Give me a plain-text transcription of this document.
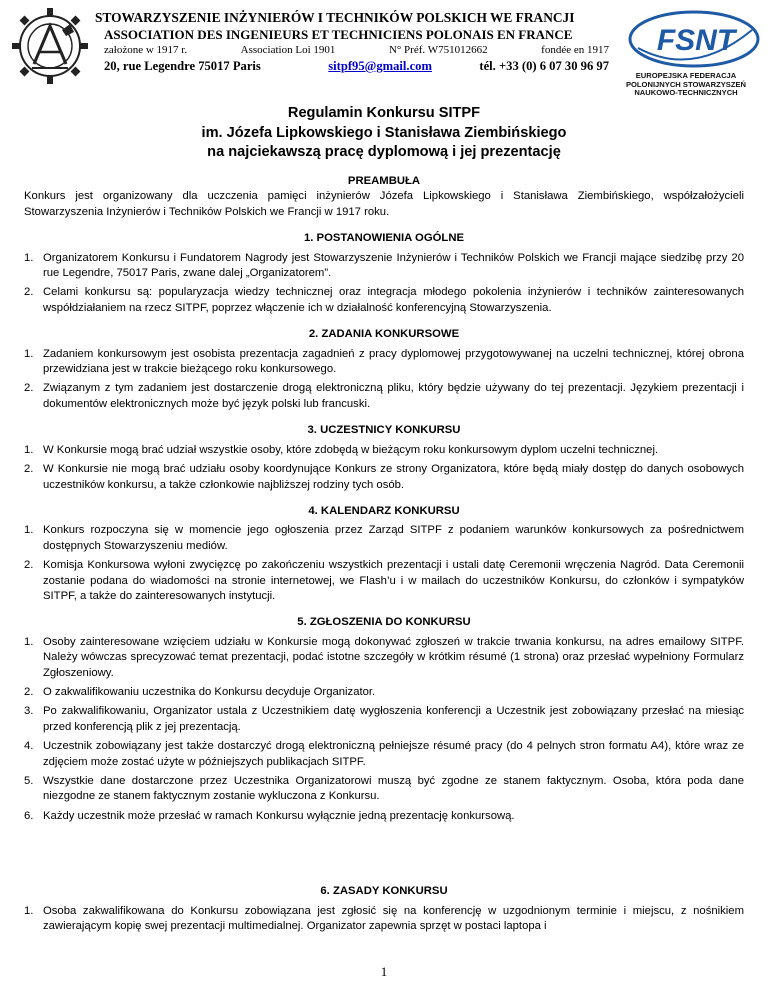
STOWARZYSZENIE INŻYNIERÓW I TECHNIKÓW POLSKICH WE FRANCJI
ASSOCIATION DES INGENIEURS ET TECHNICIENS POLONAIS EN FRANCE
założone w 1917 r.	Association Loi 1901	N° Préf. W751012662	fondée en 1917
20, rue Legendre 75017 Paris	sitpf95@gmail.com	tél. +33 (0) 6 07 30 96 97
FSNT
EUROPEJSKA FEDERACJA
POLONIJNYCH STOWARZYSZEŃ
NAUKOWO-TECHNICZNYCH
Regulamin Konkursu SITPF
im. Józefa Lipkowskiego i Stanisława Ziembińskiego
na najciekawszą pracę dyplomową i jej prezentację
PREAMBUŁA
Konkurs jest organizowany dla uczczenia pamięci inżynierów Józefa Lipkowskiego i Stanisława Ziembińskiego, współzałożycieli Stowarzyszenia Inżynierów i Techników Polskich we Francji w 1917 roku.
1. POSTANOWIENIA OGÓLNE
1. Organizatorem Konkursu i Fundatorem Nagrody jest Stowarzyszenie Inżynierów i Techników Polskich we Francji mające siedzibę przy 20 rue Legendre, 75017 Paris, zwane dalej „Organizatorem”.
2. Celami konkursu są: popularyzacja wiedzy technicznej oraz integracja młodego pokolenia inżynierów i techników zainteresowanych współdziałaniem na rzecz SITPF, poprzez włączenie ich w działalność konferencyjną Stowarzyszenia.
2. ZADANIA KONKURSOWE
1. Zadaniem konkursowym jest osobista prezentacja zagadnień z pracy dyplomowej przygotowywanej na uczelni technicznej, której obrona przewidziana jest w trakcie bieżącego roku konkursowego.
2. Związanym z tym zadaniem jest dostarczenie drogą elektroniczną pliku, który będzie używany do tej prezentacji. Językiem prezentacji i dokumentów elektronicznych może być język polski lub francuski.
3. UCZESTNICY KONKURSU
1. W Konkursie mogą brać udział wszystkie osoby, które zdobędą w bieżącym roku konkursowym dyplom uczelni technicznej.
2. W Konkursie nie mogą brać udziału osoby koordynujące Konkurs ze strony Organizatora, które będą miały dostęp do danych osobowych uczestników konkursu, a także członkowie najbliższej rodziny tych osób.
4. KALENDARZ KONKURSU
1. Konkurs rozpoczyna się w momencie jego ogłoszenia przez Zarząd SITPF z podaniem warunków konkursowych za pośrednictwem dostępnych Stowarzyszeniu mediów.
2. Komisja Konkursowa wyłoni zwycięzcę po zakończeniu wszystkich prezentacji i ustali datę Ceremonii wręczenia Nagród. Data Ceremonii zostanie podana do wiadomości na stronie internetowej, we Flash’u i w mailach do uczestników Konkursu, do członków i sympatyków SITPF, a także do zainteresowanych instytucji.
5. ZGŁOSZENIA DO KONKURSU
1. Osoby zainteresowane wzięciem udziału w Konkursie mogą dokonywać zgłoszeń w trakcie trwania konkursu, na adres emailowy SITPF. Należy wówczas sprecyzować temat prezentacji, podać istotne szczegóły w krótkim résumé (1 strona) oraz przesłać wypełniony Formularz Zgłoszeniowy.
2. O zakwalifikowaniu uczestnika do Konkursu decyduje Organizator.
3. Po zakwalifikowaniu, Organizator ustala z Uczestnikiem datę wygłoszenia konferencji a Uczestnik jest zobowiązany przesłać na miesiąc przed konferencją plik z jej prezentacją.
4. Uczestnik zobowiązany jest także dostarczyć drogą elektroniczną pełniejsze résumé pracy (do 4 pelnych stron formatu A4), które wraz ze zdjęciem może zostać użyte w późniejszych publikacjach SITPF.
5. Wszystkie dane dostarczone przez Uczestnika Organizatorowi muszą być zgodne ze stanem faktycznym. Osoba, która poda dane niezgodne ze stanem faktycznym zostanie wykluczona z Konkursu.
6. Każdy uczestnik może przesłać w ramach Konkursu wyłącznie jedną prezentację konkursową.
6. ZASADY KONKURSU
1. Osoba zakwalifikowana do Konkursu zobowiązana jest zgłosić się na konferencję w uzgodnionym terminie i miejscu, z nośnikiem zawierającym kopię swej prezentacji multimedialnej. Organizator zapewnia sprzęt w postaci laptopa i
1
